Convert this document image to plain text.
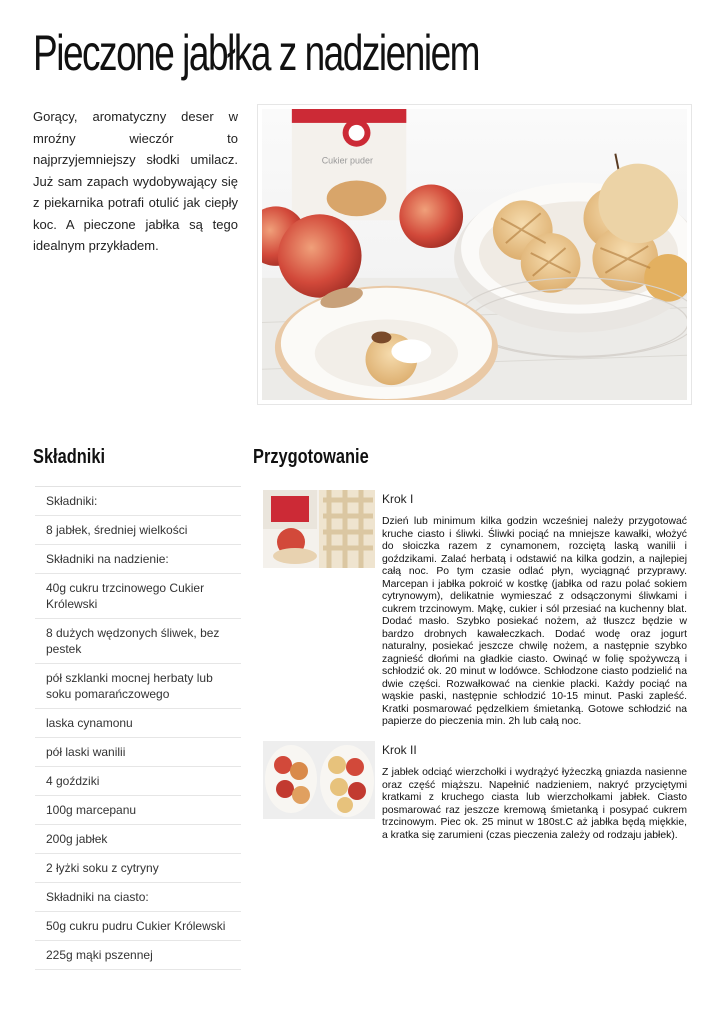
Pieczone jabłka z nadzieniem

Gorący, aromatyczny deser w mroźny wieczór to najprzyjemniejszy słodki umilacz. Już sam zapach wydobywający się z piekarnika potrafi otulić jak ciepły koc. A pieczone jabłka są tego idealnym przykładem.

Cukier puder
Składniki	Przygotowanie
Składniki:
8 jabłek, średniej wielkości
Składniki na nadzienie:
40g cukru trzcinowego Cukier Królewski
8 dużych wędzonych śliwek, bez pestek
pół szklanki mocnej herbaty lub soku pomarańczowego
laska cynamonu
pół laski wanilii
4 goździki
100g marcepanu
200g jabłek
2 łyżki soku z cytryny
Składniki na ciasto:
50g cukru pudru Cukier Królewski
225g mąki pszennej
Krok I

Dzień lub minimum kilka godzin wcześniej należy przygotować kruche ciasto i śliwki. Śliwki pociąć na mniejsze kawałki, włożyć do słoiczka razem z cynamonem, rozciętą laską wanilii i goździkami. Zalać herbatą i odstawić na kilka godzin, a najlepiej całą noc. Po tym czasie odlać płyn, wyciągnąć przyprawy. Marcepan i jabłka pokroić w kostkę (jabłka od razu polać sokiem cytrynowym), delikatnie wymieszać z odsączonymi śliwkami i cukrem trzcinowym. Mąkę, cukier i sól przesiać na kuchenny blat. Dodać masło. Szybko posiekać nożem, aż tłuszcz będzie w bardzo drobnych kawałeczkach. Dodać wodę oraz jogurt naturalny, posiekać jeszcze chwilę nożem, a następnie szybko zagnieść dłońmi na gładkie ciasto. Owinąć w folię spożywczą i schłodzić ok. 20 minut w lodówce. Schłodzone ciasto podzielić na dwie części. Rozwałkować na cienkie placki. Każdy pociąć na wąskie paski, następnie schłodzić 10-15 minut. Paski zapleść. Kratki posmarować pędzelkiem śmietanką. Gotowe schłodzić na papierze do pieczenia min. 2h lub całą noc.

Krok II

Z jabłek odciąć wierzchołki i wydrążyć łyżeczką gniazda nasienne oraz część miąższu. Napełnić nadzieniem, nakryć przyciętymi kratkami z kruchego ciasta lub wierzchołkami jabłek. Ciasto posmarować raz jeszcze kremową śmietanką i posypać cukrem trzcinowym. Piec ok. 25 minut w 180st.C aż jabłka będą miękkie, a kratka się zarumieni (czas pieczenia zależy od rodzaju jabłek).
